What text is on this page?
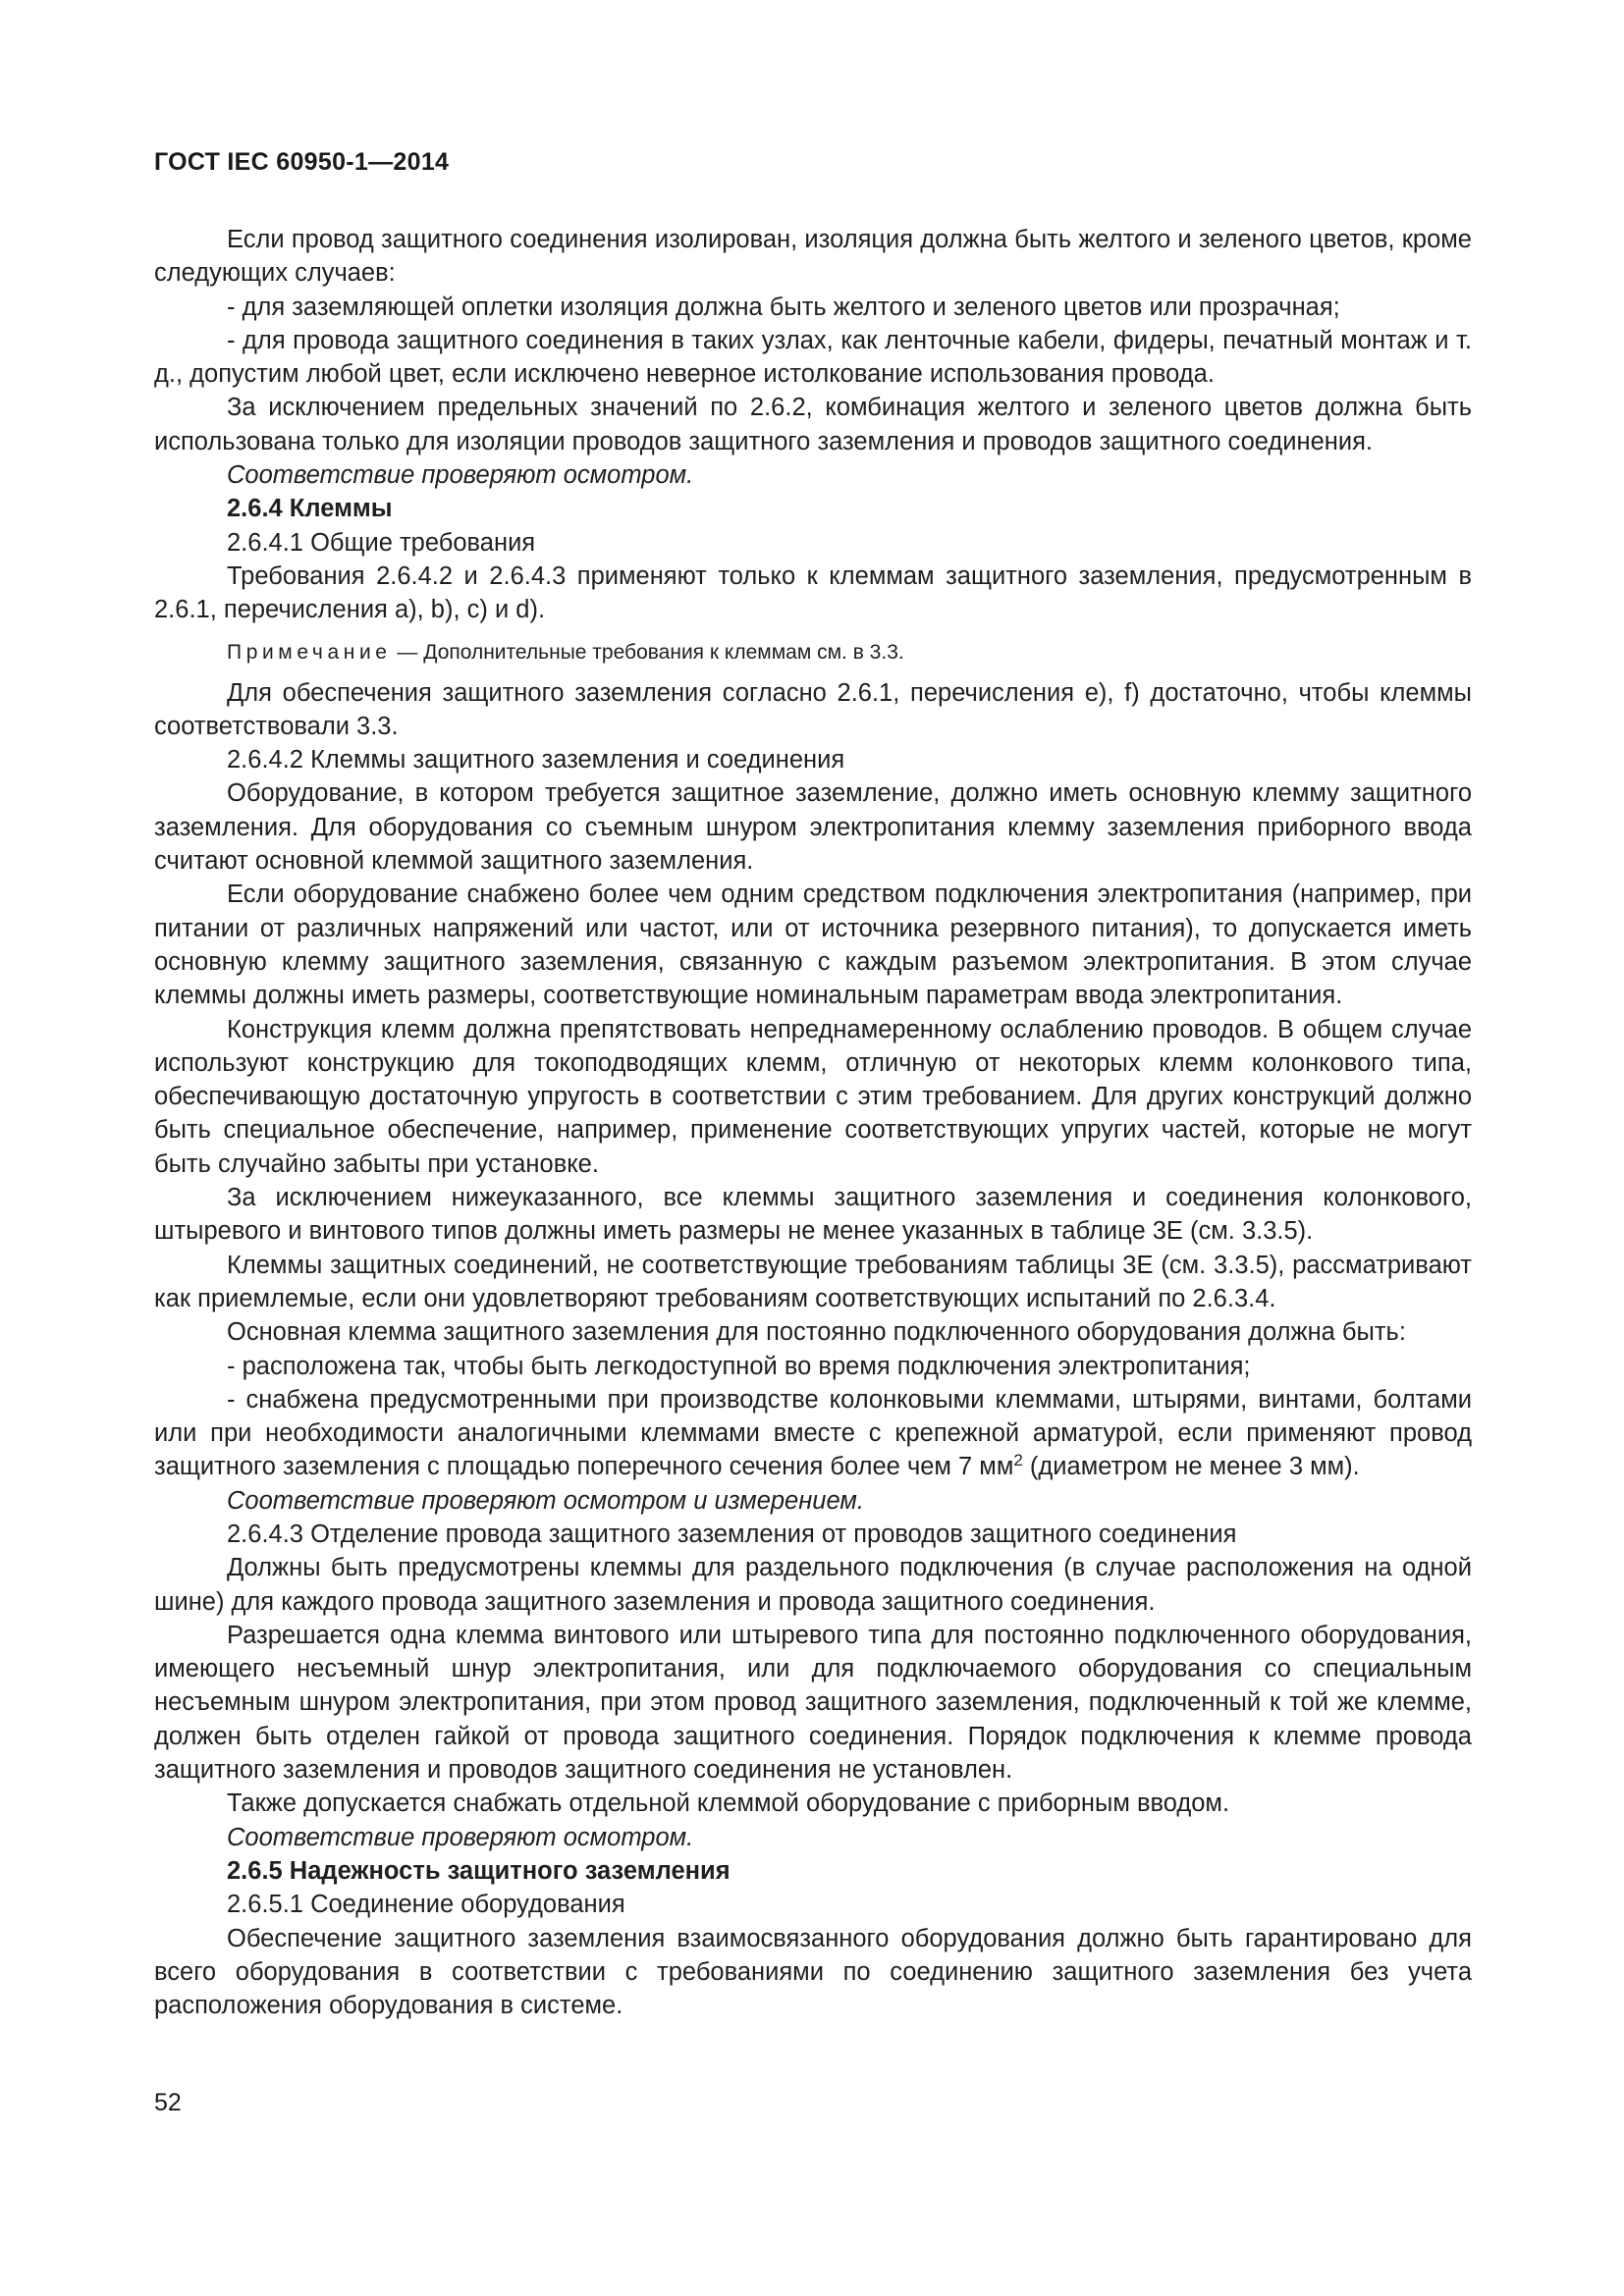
ГОСТ IEC 60950-1—2014

Если провод защитного соединения изолирован, изоляция должна быть желтого и зеленого цветов, кроме следующих случаев:

- для заземляющей оплетки изоляция должна быть желтого и зеленого цветов или прозрачная;

- для провода защитного соединения в таких узлах, как ленточные кабели, фидеры, печатный монтаж и т. д., допустим любой цвет, если исключено неверное истолкование использования провода.

За исключением предельных значений по 2.6.2, комбинация желтого и зеленого цветов должна быть использована только для изоляции проводов защитного заземления и проводов защитного соединения.

Соответствие проверяют осмотром.

2.6.4 Клеммы

2.6.4.1 Общие требования

Требования 2.6.4.2 и 2.6.4.3 применяют только к клеммам защитного заземления, предусмотренным в 2.6.1, перечисления a), b), c) и d).

Примечание — Дополнительные требования к клеммам см. в 3.3.

Для обеспечения защитного заземления согласно 2.6.1, перечисления e), f) достаточно, чтобы клеммы соответствовали 3.3.

2.6.4.2 Клеммы защитного заземления и соединения

Оборудование, в котором требуется защитное заземление, должно иметь основную клемму защитного заземления. Для оборудования со съемным шнуром электропитания клемму заземления приборного ввода считают основной клеммой защитного заземления.

Если оборудование снабжено более чем одним средством подключения электропитания (например, при питании от различных напряжений или частот, или от источника резервного питания), то допускается иметь основную клемму защитного заземления, связанную с каждым разъемом электропитания. В этом случае клеммы должны иметь размеры, соответствующие номинальным параметрам ввода электропитания.

Конструкция клемм должна препятствовать непреднамеренному ослаблению проводов. В общем случае используют конструкцию для токоподводящих клемм, отличную от некоторых клемм колонкового типа, обеспечивающую достаточную упругость в соответствии с этим требованием. Для других конструкций должно быть специальное обеспечение, например, применение соответствующих упругих частей, которые не могут быть случайно забыты при установке.

За исключением нижеуказанного, все клеммы защитного заземления и соединения колонкового, штыревого и винтового типов должны иметь размеры не менее указанных в таблице 3E (см. 3.3.5).

Клеммы защитных соединений, не соответствующие требованиям таблицы 3E (см. 3.3.5), рассматривают как приемлемые, если они удовлетворяют требованиям соответствующих испытаний по 2.6.3.4.

Основная клемма защитного заземления для постоянно подключенного оборудования должна быть:

- расположена так, чтобы быть легкодоступной во время подключения электропитания;

- снабжена предусмотренными при производстве колонковыми клеммами, штырями, винтами, болтами или при необходимости аналогичными клеммами вместе с крепежной арматурой, если применяют провод защитного заземления с площадью поперечного сечения более чем 7 $мм^2$ (диаметром не менее 3 мм).

Соответствие проверяют осмотром и измерением.

2.6.4.3 Отделение провода защитного заземления от проводов защитного соединения

Должны быть предусмотрены клеммы для раздельного подключения (в случае расположения на одной шине) для каждого провода защитного заземления и провода защитного соединения.

Разрешается одна клемма винтового или штыревого типа для постоянно подключенного оборудования, имеющего несъемный шнур электропитания, или для подключаемого оборудования со специальным несъемным шнуром электропитания, при этом провод защитного заземления, подключенный к той же клемме, должен быть отделен гайкой от провода защитного соединения. Порядок подключения к клемме провода защитного заземления и проводов защитного соединения не установлен.

Также допускается снабжать отдельной клеммой оборудование с приборным вводом.

Соответствие проверяют осмотром.

2.6.5 Надежность защитного заземления

2.6.5.1 Соединение оборудования

Обеспечение защитного заземления взаимосвязанного оборудования должно быть гарантировано для всего оборудования в соответствии с требованиями по соединению защитного заземления без учета расположения оборудования в системе.

52
